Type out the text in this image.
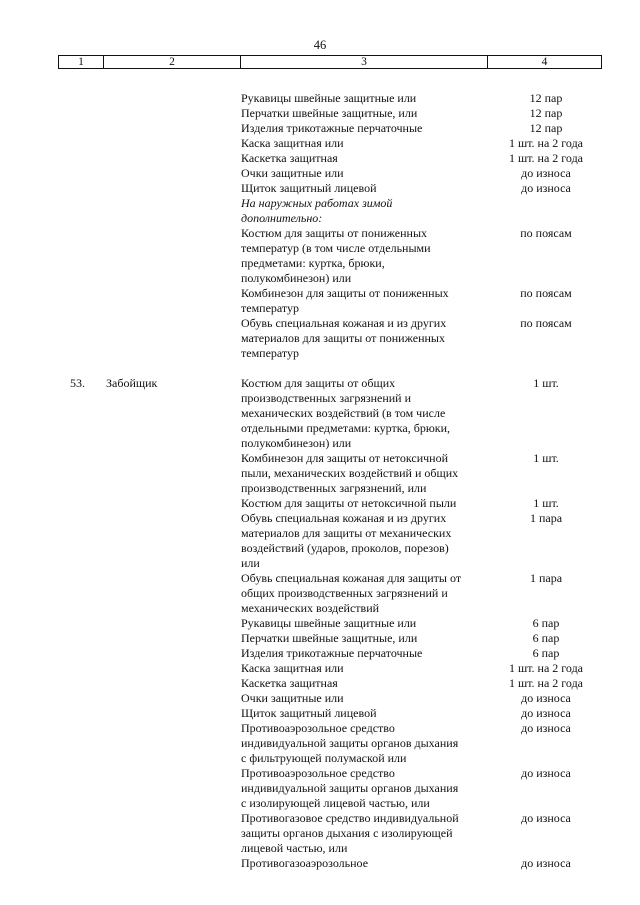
46
1	2	3	4
Рукавицы швейные защитные или	12 пар
Перчатки швейные защитные, или	12 пар
Изделия трикотажные перчаточные	12 пар
Каска защитная или	1 шт. на 2 года
Каскетка защитная	1 шт. на 2 года
Очки защитные или	до износа
Щиток защитный лицевой	до износа
На наружных работах зимой
дополнительно:
Костюм для защиты от пониженных	по поясам
температур (в том числе отдельными
предметами: куртка, брюки,
полукомбинезон) или
Комбинезон для защиты от пониженных	по поясам
температур
Обувь специальная кожаная и из других	по поясам
материалов для защиты от пониженных
температур
53. Забойщик	Костюм для защиты от общих	1 шт.
производственных загрязнений и
механических воздействий (в том числе
отдельными предметами: куртка, брюки,
полукомбинезон) или
Комбинезон для защиты от нетоксичной	1 шт.
пыли, механических воздействий и общих
производственных загрязнений, или
Костюм для защиты от нетоксичной пыли	1 шт.
Обувь специальная кожаная и из других	1 пара
материалов для защиты от механических
воздействий (ударов, проколов, порезов)
или
Обувь специальная кожаная для защиты от	1 пара
общих производственных загрязнений и
механических воздействий
Рукавицы швейные защитные или	6 пар
Перчатки швейные защитные, или	6 пар
Изделия трикотажные перчаточные	6 пар
Каска защитная или	1 шт. на 2 года
Каскетка защитная	1 шт. на 2 года
Очки защитные или	до износа
Щиток защитный лицевой	до износа
Противоаэрозольное средство	до износа
индивидуальной защиты органов дыхания
с фильтрующей полумаской или
Противоаэрозольное средство	до износа
индивидуальной защиты органов дыхания
с изолирующей лицевой частью, или
Противогазовое средство индивидуальной	до износа
защиты органов дыхания с изолирующей
лицевой частью, или
Противогазоаэрозольное	до износа
